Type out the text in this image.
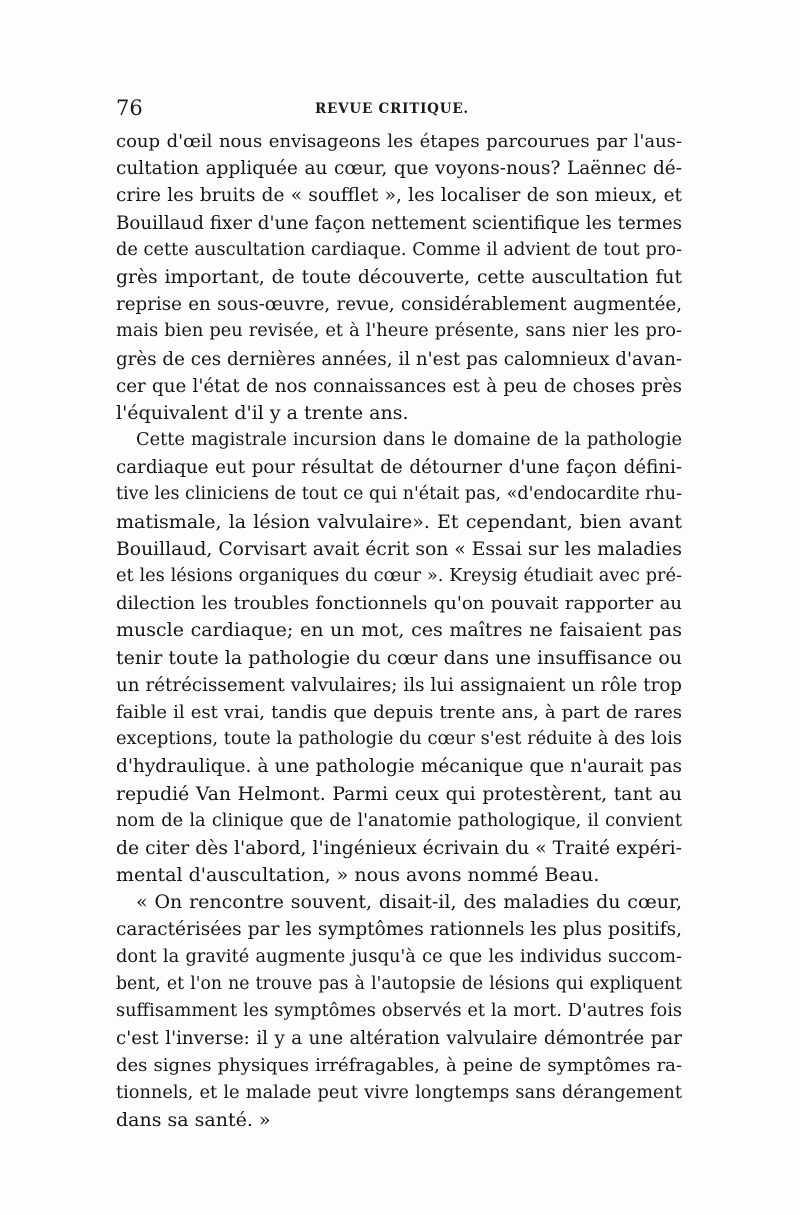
76	REVUE CRITIQUE.

coup d'œil nous envisageons les étapes parcourues par l'aus-
cultation appliquée au cœur, que voyons-nous? Laënnec dé-
crire les bruits de « soufflet », les localiser de son mieux, et
Bouillaud fixer d'une façon nettement scientifique les termes
de cette auscultation cardiaque. Comme il advient de tout pro-
grès important, de toute découverte, cette auscultation fut
reprise en sous-œuvre, revue, considérablement augmentée,
mais bien peu revisée, et à l'heure présente, sans nier les pro-
grès de ces dernières années, il n'est pas calomnieux d'avan-
cer que l'état de nos connaissances est à peu de choses près
l'équivalent d'il y a trente ans.

Cette magistrale incursion dans le domaine de la pathologie
cardiaque eut pour résultat de détourner d'une façon défini-
tive les cliniciens de tout ce qui n'était pas, «d'endocardite rhu-
matismale, la lésion valvulaire». Et cependant, bien avant
Bouillaud, Corvisart avait écrit son « Essai sur les maladies
et les lésions organiques du cœur ». Kreysig étudiait avec pré-
dilection les troubles fonctionnels qu'on pouvait rapporter au
muscle cardiaque; en un mot, ces maîtres ne faisaient pas
tenir toute la pathologie du cœur dans une insuffisance ou
un rétrécissement valvulaires; ils lui assignaient un rôle trop
faible il est vrai, tandis que depuis trente ans, à part de rares
exceptions, toute la pathologie du cœur s'est réduite à des lois
d'hydraulique. à une pathologie mécanique que n'aurait pas
repudié Van Helmont. Parmi ceux qui protestèrent, tant au
nom de la clinique que de l'anatomie pathologique, il convient
de citer dès l'abord, l'ingénieux écrivain du « Traité expéri-
mental d'auscultation, » nous avons nommé Beau.

« On rencontre souvent, disait-il, des maladies du cœur,
caractérisées par les symptômes rationnels les plus positifs,
dont la gravité augmente jusqu'à ce que les individus succom-
bent, et l'on ne trouve pas à l'autopsie de lésions qui expliquent
suffisamment les symptômes observés et la mort. D'autres fois
c'est l'inverse: il y a une altération valvulaire démontrée par
des signes physiques irréfragables, à peine de symptômes ra-
tionnels, et le malade peut vivre longtemps sans dérangement
dans sa santé. »
